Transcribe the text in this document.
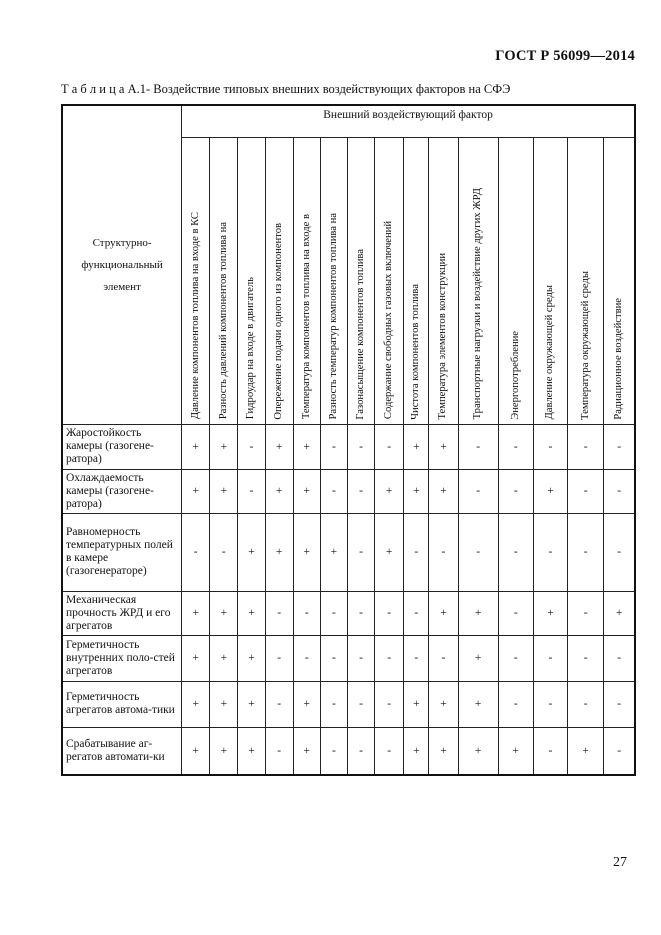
ГОСТ Р 56099—2014
Т а б л и ц а А.1- Воздействие типовых внешних воздействующих факторов на СФЭ
Структурно-
функциональный
элемент	Внешний воздействующий фактор														

	Давление компонентов топлива на входе в КС	Разность давлений компонентов топлива на	Гидроудар на входе в двигатель	Опережение подачи одного из компонентов	Температура компонентов топлива на входе в	Разность температур компонентов топлива на	Газонасыщение компонентов топлива	Содержание свободных газовых включений	Чистота компонентов топлива	Температура элементов конструкции	Транспортные нагрузки и воздействие других ЖРД	Энергопотребление	Давление окружающей среды	Температура окружающей среды	Радиационное воздействие

Жаростойкость камеры (газогене-ратора)	+	+	-	+	+	-	-	-	+	+	-	-	-	-	-
Охлаждаемость камеры (газогене-ратора)	+	+	-	+	+	-	-	+	+	+	-	-	+	-	-
Равномерность температурных полей в камере (газогенераторе)	-	-	+	+	+	+	-	+	-	-	-	-	-	-	-
Механическая прочность ЖРД и его агрегатов	+	+	+	-	-	-	-	-	-	+	+	-	+	-	+
Герметичность внутренних поло-стей агрегатов	+	+	+	-	-	-	-	-	-	-	+	-	-	-	-
Герметичность агрегатов автома-тики	+	+	+	-	+	-	-	-	+	+	+	-	-	-	-
Срабатывание аг-регатов автомати-ки	+	+	+	-	+	-	-	-	+	+	+	+	-	+	-
27
